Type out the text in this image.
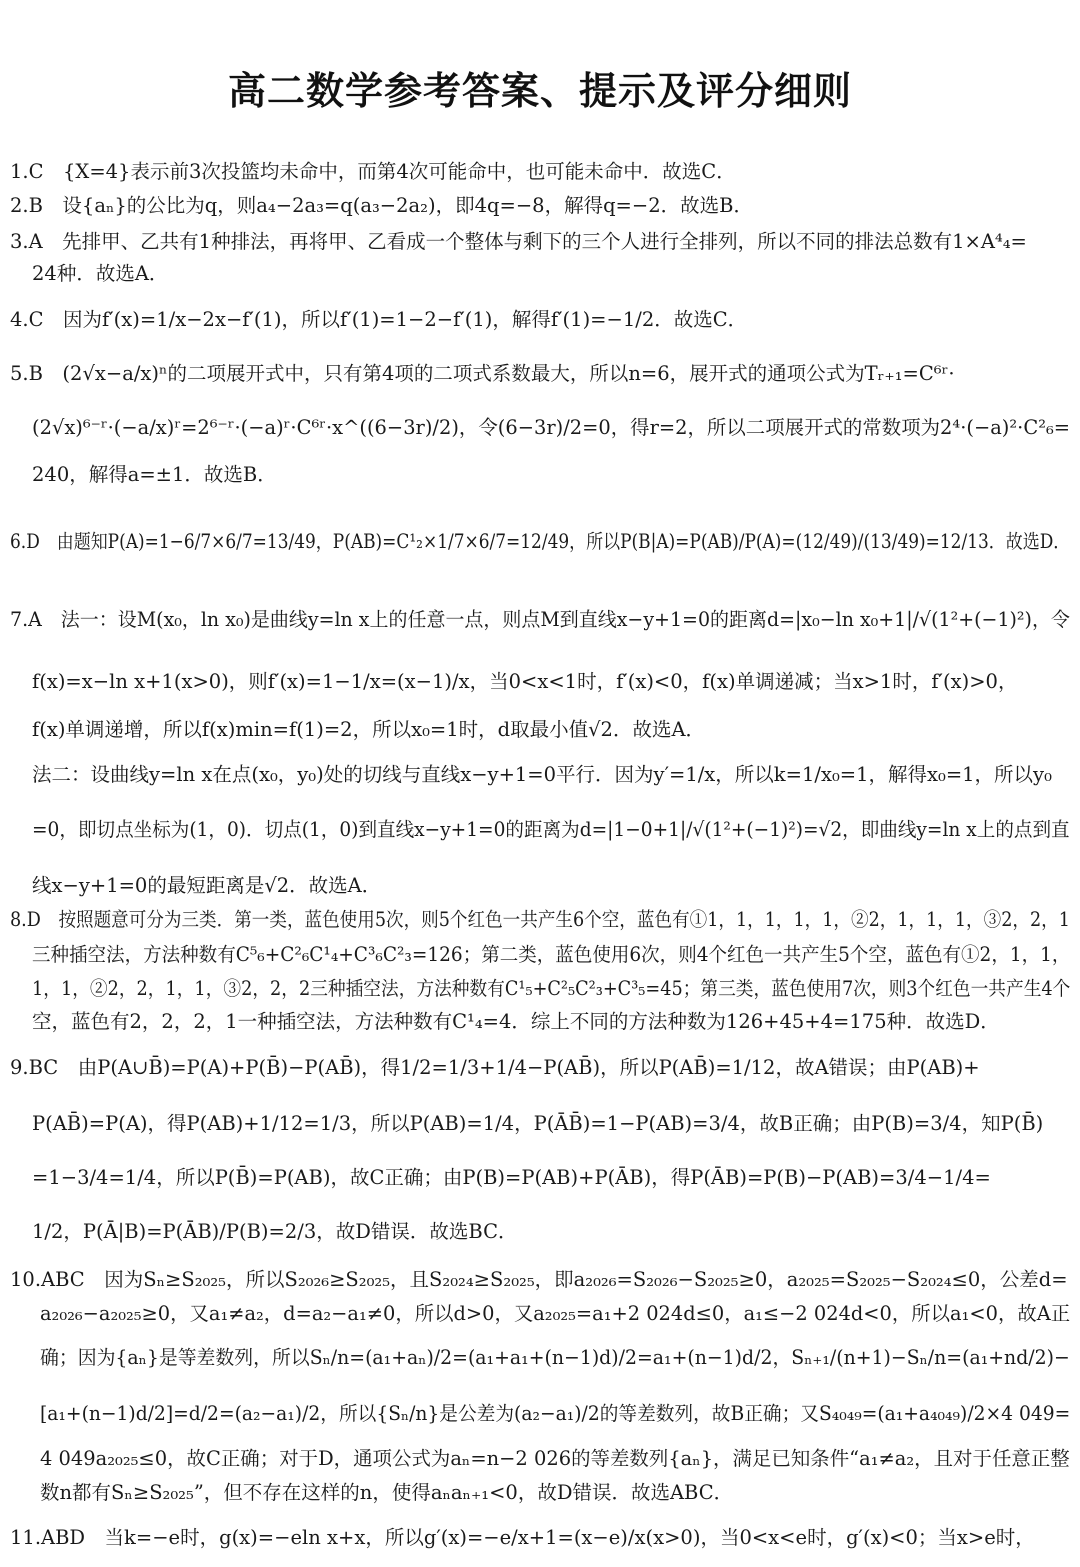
高二数学参考答案、提示及评分细则
1.C　{X=4}表示前3次投篮均未命中，而第4次可能命中，也可能未命中．故选C．
2.B　设{aₙ}的公比为q，则a₄−2a₃=q(a₃−2a₂)，即4q=−8，解得q=−2．故选B．
3.A　先排甲、乙共有1种排法，再将甲、乙看成一个整体与剩下的三个人进行全排列，所以不同的排法总数有1×A⁴₄=
24种．故选A．
4.C　因为f′(x)=1/x−2x−f′(1)，所以f′(1)=1−2−f′(1)，解得f′(1)=−1/2．故选C．
5.B　(2√x−a/x)ⁿ的二项展开式中，只有第4项的二项式系数最大，所以n=6，展开式的通项公式为Tᵣ₊₁=C⁶ʳ·
(2√x)⁶⁻ʳ·(−a/x)ʳ=2⁶⁻ʳ·(−a)ʳ·C⁶ʳ·x^((6−3r)/2)，令(6−3r)/2=0，得r=2，所以二项展开式的常数项为2⁴·(−a)²·C²₆=
240，解得a=±1．故选B．
6.D　由题知P(A)=1−6/7×6/7=13/49，P(AB)=C¹₂×1/7×6/7=12/49，所以P(B|A)=P(AB)/P(A)=(12/49)/(13/49)=12/13．故选D．
7.A　法一：设M(x₀，ln x₀)是曲线y=ln x上的任意一点，则点M到直线x−y+1=0的距离d=|x₀−ln x₀+1|/√(1²+(−1)²)，令
f(x)=x−ln x+1(x>0)，则f′(x)=1−1/x=(x−1)/x，当0<x<1时，f′(x)<0，f(x)单调递减；当x>1时，f′(x)>0，
f(x)单调递增，所以f(x)min=f(1)=2，所以x₀=1时，d取最小值√2．故选A．
法二：设曲线y=ln x在点(x₀，y₀)处的切线与直线x−y+1=0平行．因为y′=1/x，所以k=1/x₀=1，解得x₀=1，所以y₀
=0，即切点坐标为(1，0)．切点(1，0)到直线x−y+1=0的距离为d=|1−0+1|/√(1²+(−1)²)=√2，即曲线y=ln x上的点到直
线x−y+1=0的最短距离是√2．故选A．
8.D　按照题意可分为三类．第一类，蓝色使用5次，则5个红色一共产生6个空，蓝色有①1，1，1，1，1，②2，1，1，1，③2，2，1
三种插空法，方法种数有C⁵₆+C²₆C¹₄+C³₆C²₃=126；第二类，蓝色使用6次，则4个红色一共产生5个空，蓝色有①2，1，1，
1，1，②2，2，1，1，③2，2，2三种插空法，方法种数有C¹₅+C²₅C²₃+C³₅=45；第三类，蓝色使用7次，则3个红色一共产生4个
空，蓝色有2，2，2，1一种插空法，方法种数有C¹₄=4．综上不同的方法种数为126+45+4=175种．故选D．
9.BC　由P(A∪B̄)=P(A)+P(B̄)−P(AB̄)，得1/2=1/3+1/4−P(AB̄)，所以P(AB̄)=1/12，故A错误；由P(AB)+
P(AB̄)=P(A)，得P(AB)+1/12=1/3，所以P(AB)=1/4，P(ĀB̄)=1−P(AB)=3/4，故B正确；由P(B)=3/4，知P(B̄)
=1−3/4=1/4，所以P(B̄)=P(AB)，故C正确；由P(B)=P(AB)+P(ĀB)，得P(ĀB)=P(B)−P(AB)=3/4−1/4=
1/2，P(Ā|B)=P(ĀB)/P(B)=2/3，故D错误．故选BC．
10.ABC　因为Sₙ≥S₂₀₂₅，所以S₂₀₂₆≥S₂₀₂₅，且S₂₀₂₄≥S₂₀₂₅，即a₂₀₂₆=S₂₀₂₆−S₂₀₂₅≥0，a₂₀₂₅=S₂₀₂₅−S₂₀₂₄≤0，公差d=
a₂₀₂₆−a₂₀₂₅≥0，又a₁≠a₂，d=a₂−a₁≠0，所以d>0，又a₂₀₂₅=a₁+2 024d≤0，a₁≤−2 024d<0，所以a₁<0，故A正
确；因为{aₙ}是等差数列，所以Sₙ/n=(a₁+aₙ)/2=(a₁+a₁+(n−1)d)/2=a₁+(n−1)d/2，Sₙ₊₁/(n+1)−Sₙ/n=(a₁+nd/2)−
[a₁+(n−1)d/2]=d/2=(a₂−a₁)/2，所以{Sₙ/n}是公差为(a₂−a₁)/2的等差数列，故B正确；又S₄₀₄₉=(a₁+a₄₀₄₉)/2×4 049=
4 049a₂₀₂₅≤0，故C正确；对于D，通项公式为aₙ=n−2 026的等差数列{aₙ}，满足已知条件“a₁≠a₂，且对于任意正整
数n都有Sₙ≥S₂₀₂₅”，但不存在这样的n，使得aₙaₙ₊₁<0，故D错误．故选ABC．
11.ABD　当k=−e时，g(x)=−eln x+x，所以g′(x)=−e/x+1=(x−e)/x(x>0)，当0<x<e时，g′(x)<0；当x>e时，
